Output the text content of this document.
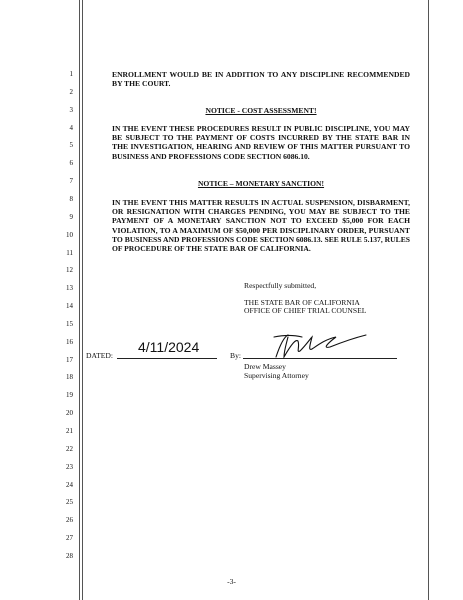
1
2
3
4
5
6
7
8
9
10
11
12
13
14
15
16
17
18
19
20
21
22
23
24
25
26
27
28
ENROLLMENT WOULD BE IN ADDITION TO ANY DISCIPLINE RECOMMENDED BY THE COURT.
NOTICE - COST ASSESSMENT!
IN THE EVENT THESE PROCEDURES RESULT IN PUBLIC DISCIPLINE, YOU MAY BE SUBJECT TO THE PAYMENT OF COSTS INCURRED BY THE STATE BAR IN THE INVESTIGATION, HEARING AND REVIEW OF THIS MATTER PURSUANT TO BUSINESS AND PROFESSIONS CODE SECTION 6086.10.
NOTICE – MONETARY SANCTION!
IN THE EVENT THIS MATTER RESULTS IN ACTUAL SUSPENSION, DISBARMENT, OR RESIGNATION WITH CHARGES PENDING, YOU MAY BE SUBJECT TO THE PAYMENT OF A MONETARY SANCTION NOT TO EXCEED $5,000 FOR EACH VIOLATION, TO A MAXIMUM OF $50,000 PER DISCIPLINARY ORDER, PURSUANT TO BUSINESS AND PROFESSIONS CODE SECTION 6086.13. SEE RULE 5.137, RULES OF PROCEDURE OF THE STATE BAR OF CALIFORNIA.
Respectfully submitted,
THE STATE BAR OF CALIFORNIA
OFFICE OF CHIEF TRIAL COUNSEL
DATED:
4/11/2024
By:
Drew Massey
Supervising Attorney
-3-
